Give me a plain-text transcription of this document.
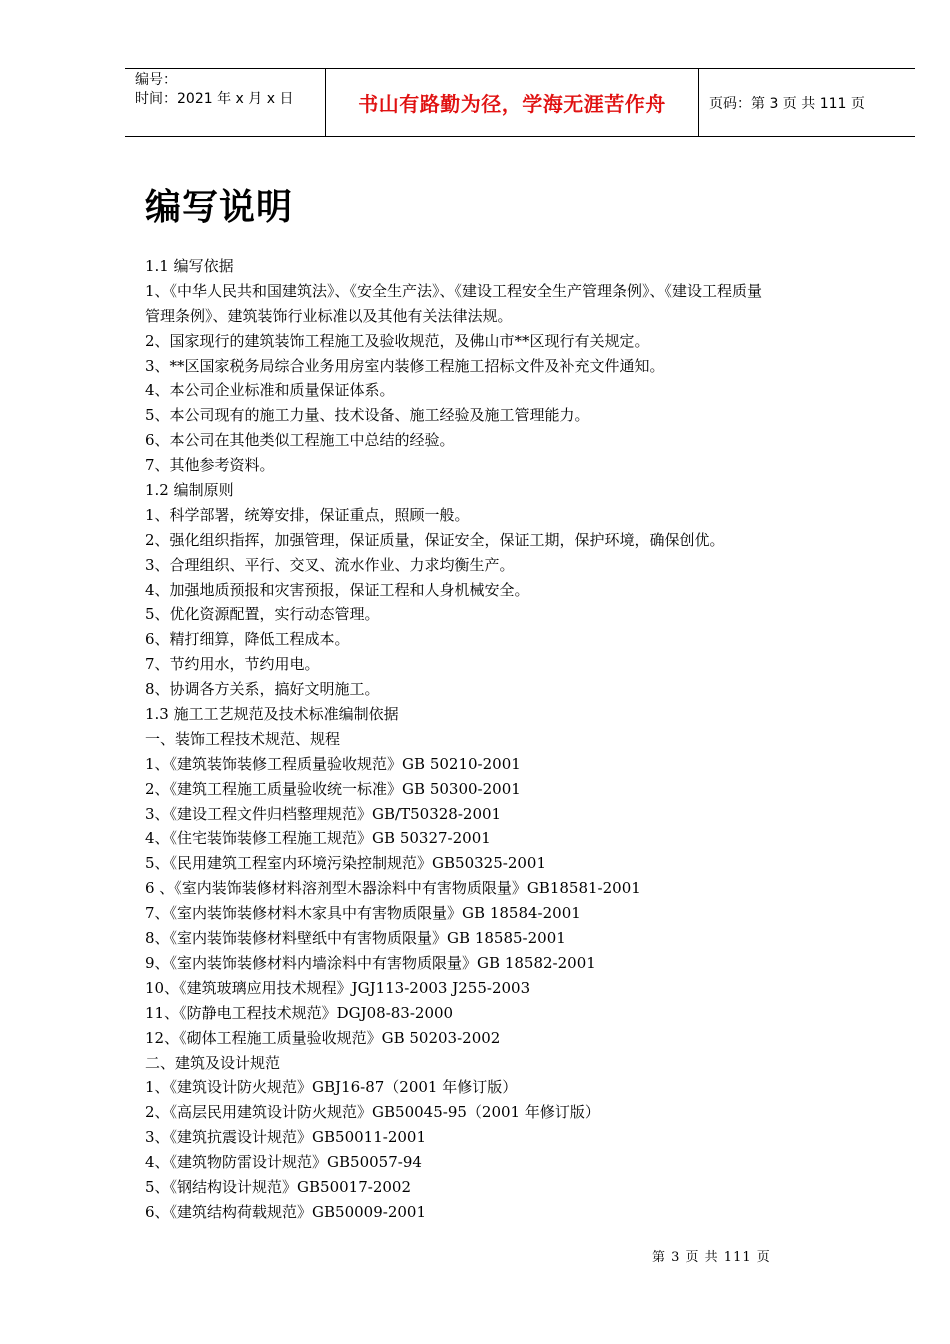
编号：
时间：2021 年 x 月 x 日	书山有路勤为径，学海无涯苦作舟	页码：第 3 页 共 111 页
编写说明
1.1 编写依据
1、《中华人民共和国建筑法》、《安全生产法》、《建设工程安全生产管理条例》、《建设工程质量
管理条例》、建筑装饰行业标准以及其他有关法律法规。
2、国家现行的建筑装饰工程施工及验收规范，及佛山市**区现行有关规定。
3、**区国家税务局综合业务用房室内装修工程施工招标文件及补充文件通知。
4、本公司企业标准和质量保证体系。
5、本公司现有的施工力量、技术设备、施工经验及施工管理能力。
6、本公司在其他类似工程施工中总结的经验。
7、其他参考资料。
1.2 编制原则
1、科学部署，统筹安排，保证重点，照顾一般。
2、强化组织指挥，加强管理，保证质量，保证安全，保证工期，保护环境，确保创优。
3、合理组织、平行、交叉、流水作业、力求均衡生产。
4、加强地质预报和灾害预报，保证工程和人身机械安全。
5、优化资源配置，实行动态管理。
6、精打细算，降低工程成本。
7、节约用水，节约用电。
8、协调各方关系，搞好文明施工。
1.3 施工工艺规范及技术标准编制依据
一、装饰工程技术规范、规程
1、《建筑装饰装修工程质量验收规范》GB 50210-2001
2、《建筑工程施工质量验收统一标准》GB 50300-2001
3、《建设工程文件归档整理规范》GB/T50328-2001
4、《住宅装饰装修工程施工规范》GB 50327-2001
5、《民用建筑工程室内环境污染控制规范》GB50325-2001
6 、《室内装饰装修材料溶剂型木器涂料中有害物质限量》GB18581-2001
7、《室内装饰装修材料木家具中有害物质限量》GB 18584-2001
8、《室内装饰装修材料壁纸中有害物质限量》GB 18585-2001
9、《室内装饰装修材料内墙涂料中有害物质限量》GB 18582-2001
10、《建筑玻璃应用技术规程》JGJ113-2003 J255-2003
11、《防静电工程技术规范》DGJ08-83-2000
12、《砌体工程施工质量验收规范》GB 50203-2002
二、建筑及设计规范
1、《建筑设计防火规范》GBJ16-87（2001 年修订版）
2、《高层民用建筑设计防火规范》GB50045-95（2001 年修订版）
3、《建筑抗震设计规范》GB50011-2001
4、《建筑物防雷设计规范》GB50057-94
5、《钢结构设计规范》GB50017-2002
6、《建筑结构荷载规范》GB50009-2001
第 3 页 共 111 页
